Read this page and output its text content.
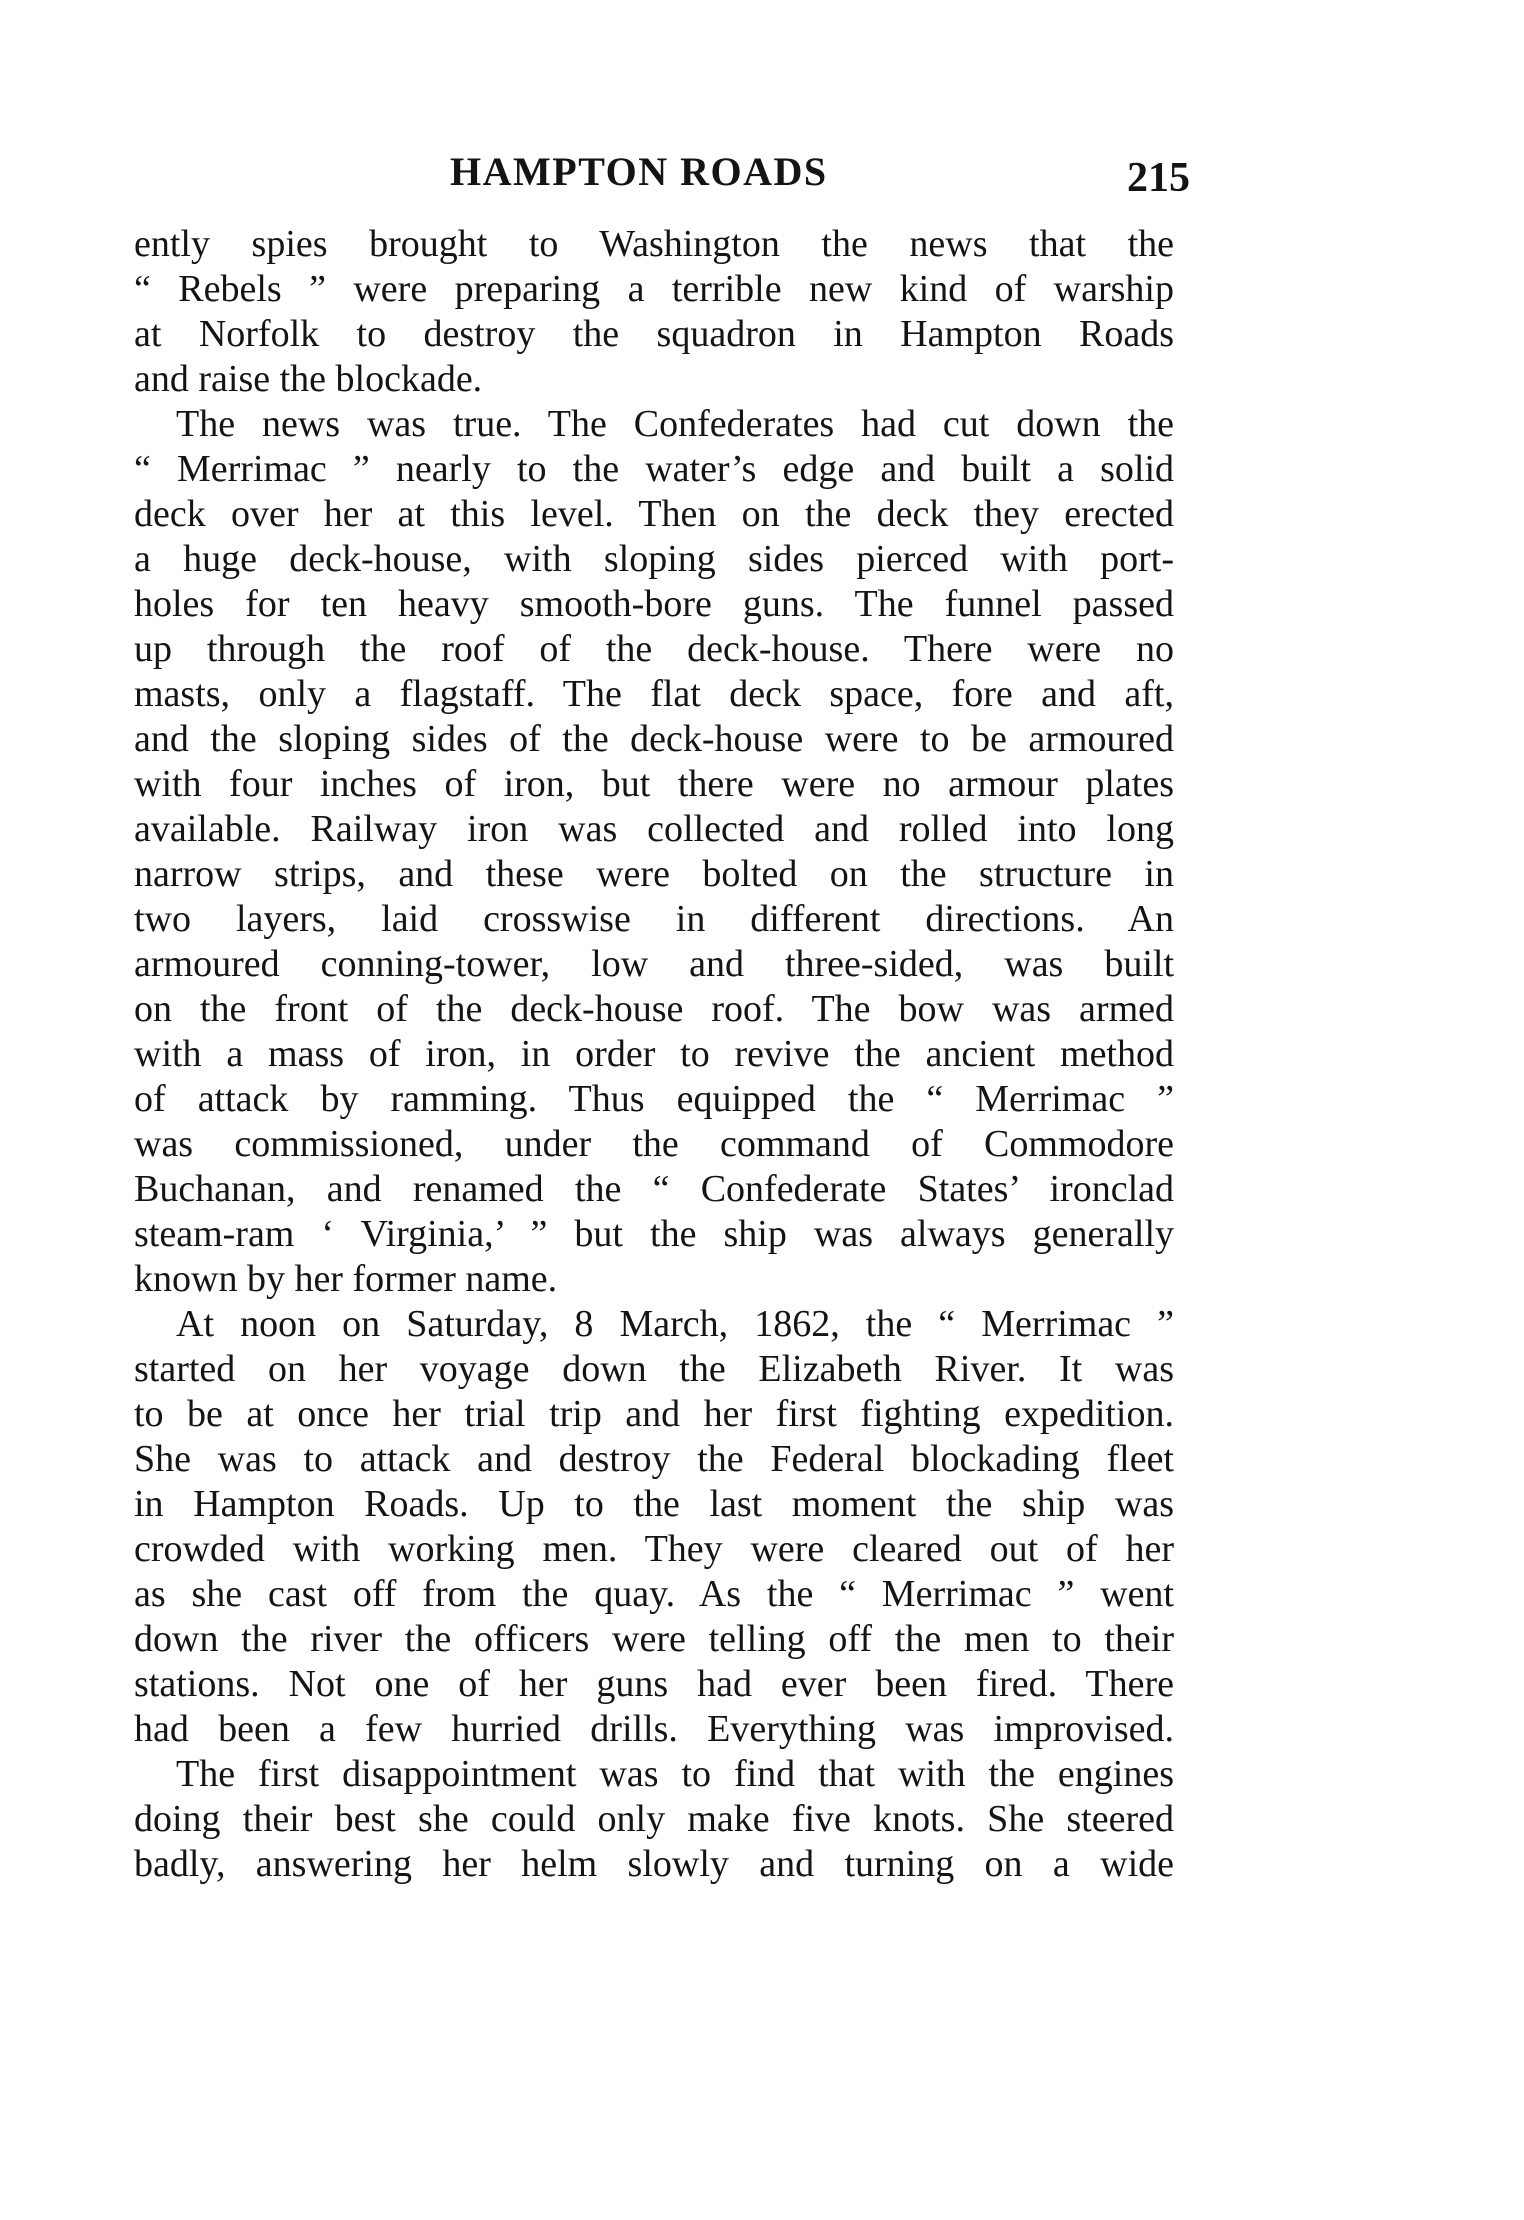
HAMPTON ROADS	215
ently spies brought to Washington the news that the
“ Rebels ” were preparing a terrible new kind of warship
at Norfolk to destroy the squadron in Hampton Roads
and raise the blockade.
The news was true. The Confederates had cut down the
“ Merrimac ” nearly to the water’s edge and built a solid
deck over her at this level. Then on the deck they erected
a huge deck-house, with sloping sides pierced with port-
holes for ten heavy smooth-bore guns. The funnel passed
up through the roof of the deck-house. There were no
masts, only a flagstaff. The flat deck space, fore and aft,
and the sloping sides of the deck-house were to be armoured
with four inches of iron, but there were no armour plates
available. Railway iron was collected and rolled into long
narrow strips, and these were bolted on the structure in
two layers, laid crosswise in different directions. An
armoured conning-tower, low and three-sided, was built
on the front of the deck-house roof. The bow was armed
with a mass of iron, in order to revive the ancient method
of attack by ramming. Thus equipped the “ Merrimac ”
was commissioned, under the command of Commodore
Buchanan, and renamed the “ Confederate States’ ironclad
steam-ram ‘ Virginia,’ ” but the ship was always generally
known by her former name.
At noon on Saturday, 8 March, 1862, the “ Merrimac ”
started on her voyage down the Elizabeth River. It was
to be at once her trial trip and her first fighting expedition.
She was to attack and destroy the Federal blockading fleet
in Hampton Roads. Up to the last moment the ship was
crowded with working men. They were cleared out of her
as she cast off from the quay. As the “ Merrimac ” went
down the river the officers were telling off the men to their
stations. Not one of her guns had ever been fired. There
had been a few hurried drills. Everything was improvised.
The first disappointment was to find that with the engines
doing their best she could only make five knots. She steered
badly, answering her helm slowly and turning on a wide
